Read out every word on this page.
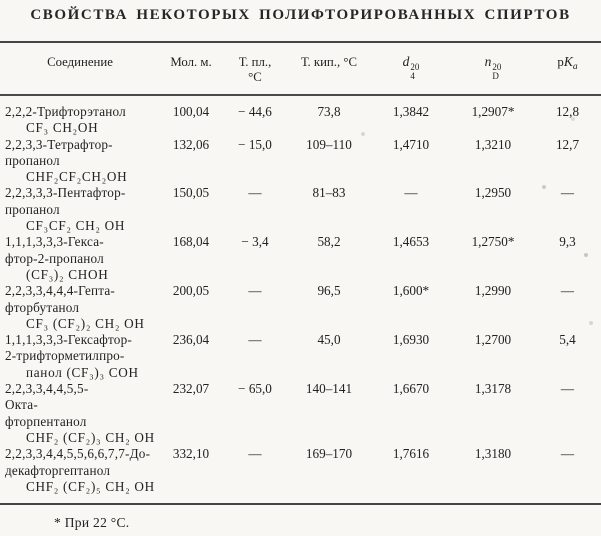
СВОЙСТВА НЕКОТОРЫХ ПОЛИФТОРИРОВАННЫХ СПИРТОВ
Соединение	Мол. м.	Т. пл.,
°С
	Т. кип., °С	d 20
4
	n 20
D
	$pK_a$

2,2,2-Трифторэтанол
CF₃ CH₂OH	100,04	− 44,6	73,8	1,3842	1,2907*	12,8

2,2,3,3-Тетрафтор-
пропанол
CHF₂CF₂CH₂OH	132,06	− 15,0	109–110	1,4710	1,3210	12,7

2,2,3,3,3-Пентафтор-
пропанол
CF₃CF₂ CH₂ OH	150,05	—	81–83	—	1,2950	—

1,1,1,3,3,3-Гекса-
фтор-2-пропанол
(CF₃)₂ CHOH	168,04	− 3,4	58,2	1,4653	1,2750*	9,3

2,2,3,3,4,4,4-Гепта-
фторбутанол
CF₃ (CF₂)₂ CH₂ OH	200,05	—	96,5	1,600*	1,2990	—

1,1,1,3,3,3-Гексафтор-
2-трифторметилпро-
панол (CF₃)₃ COH	236,04	—	45,0	1,6930	1,2700	5,4

2,2,3,3,4,4,5,5-
Окта-
фторпентанол
CHF₂ (CF₂)₃ CH₂ OH	232,07	− 65,0	140–141	1,6670	1,3178	—

2,2,3,3,4,4,5,5,6,6,7,7-До-
декафторгептанол
CHF₂ (CF₂)₅ CH₂ OH	332,10	—	169–170	1,7616	1,3180	—
* При 22 °C.
